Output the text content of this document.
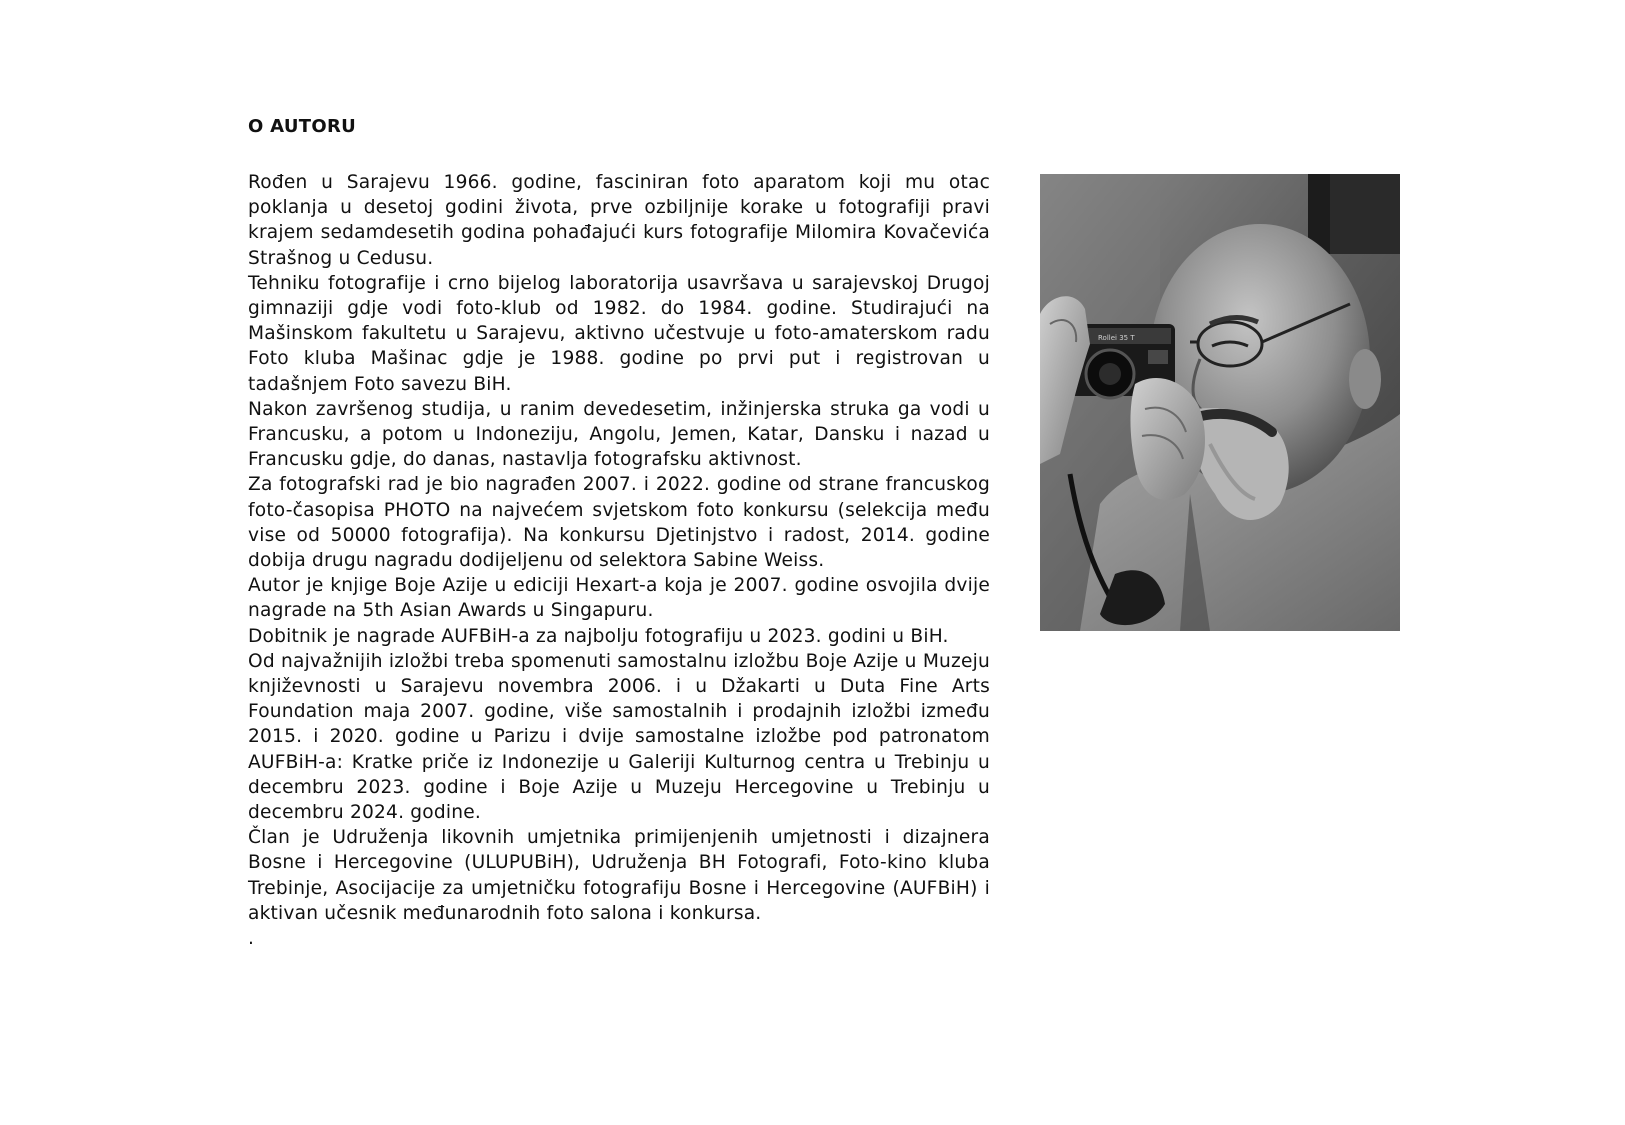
O AUTORU

Rođen u Sarajevu 1966. godine, fasciniran foto aparatom koji mu otac poklanja u desetoj godini života, prve ozbiljnije korake u fotografiji pravi krajem sedamdesetih godina pohađajući kurs fotografije Milomira Kovačevića Strašnog u Cedusu.

Tehniku fotografije i crno bijelog laboratorija usavršava u sarajevskoj Drugoj gimnaziji gdje vodi foto-klub od 1982. do 1984. godine. Studirajući na Mašinskom fakultetu u Sarajevu, aktivno učestvuje u foto-amaterskom radu Foto kluba Mašinac gdje je 1988. godine po prvi put i registrovan u tadašnjem Foto savezu BiH.

Nakon završenog studija, u ranim devedesetim, inžinjerska struka ga vodi u Francusku, a potom u Indoneziju, Angolu, Jemen, Katar, Dansku i nazad u Francusku gdje, do danas, nastavlja fotografsku aktivnost.

Za fotografski rad je bio nagrađen 2007. i 2022. godine od strane francuskog foto-časopisa PHOTO na najvećem svjetskom foto konkursu (selekcija među vise od 50000 fotografija). Na konkursu Djetinjstvo i radost, 2014. godine dobija drugu nagradu dodijeljenu od selektora Sabine Weiss.

Autor je knjige Boje Azije u ediciji Hexart-a koja je 2007. godine osvojila dvije nagrade na 5th Asian Awards u Singapuru.

Dobitnik je nagrade AUFBiH-a za najbolju fotografiju u 2023. godini u BiH.

Od najvažnijih izložbi treba spomenuti samostalnu izložbu Boje Azije u Muzeju književnosti u Sarajevu novembra 2006. i u Džakarti u Duta Fine Arts Foundation maja 2007. godine, više samostalnih i prodajnih izložbi između 2015. i 2020. godine u Parizu i dvije samostalne izložbe pod patronatom AUFBiH-a: Kratke priče iz Indonezije u Galeriji Kulturnog centra u Trebinju u decembru 2023. godine i Boje Azije u Muzeju Hercegovine u Trebinju u decembru 2024. godine.

Član je Udruženja likovnih umjetnika primijenjenih umjetnosti i dizajnera Bosne i Hercegovine (ULUPUBiH), Udruženja BH Fotografi, Foto-kino kluba Trebinje, Asocijacije za umjetničku fotografiju Bosne i Hercegovine (AUFBiH) i aktivan učesnik međunarodnih foto salona i konkursa.

.

Rollei 35 T
